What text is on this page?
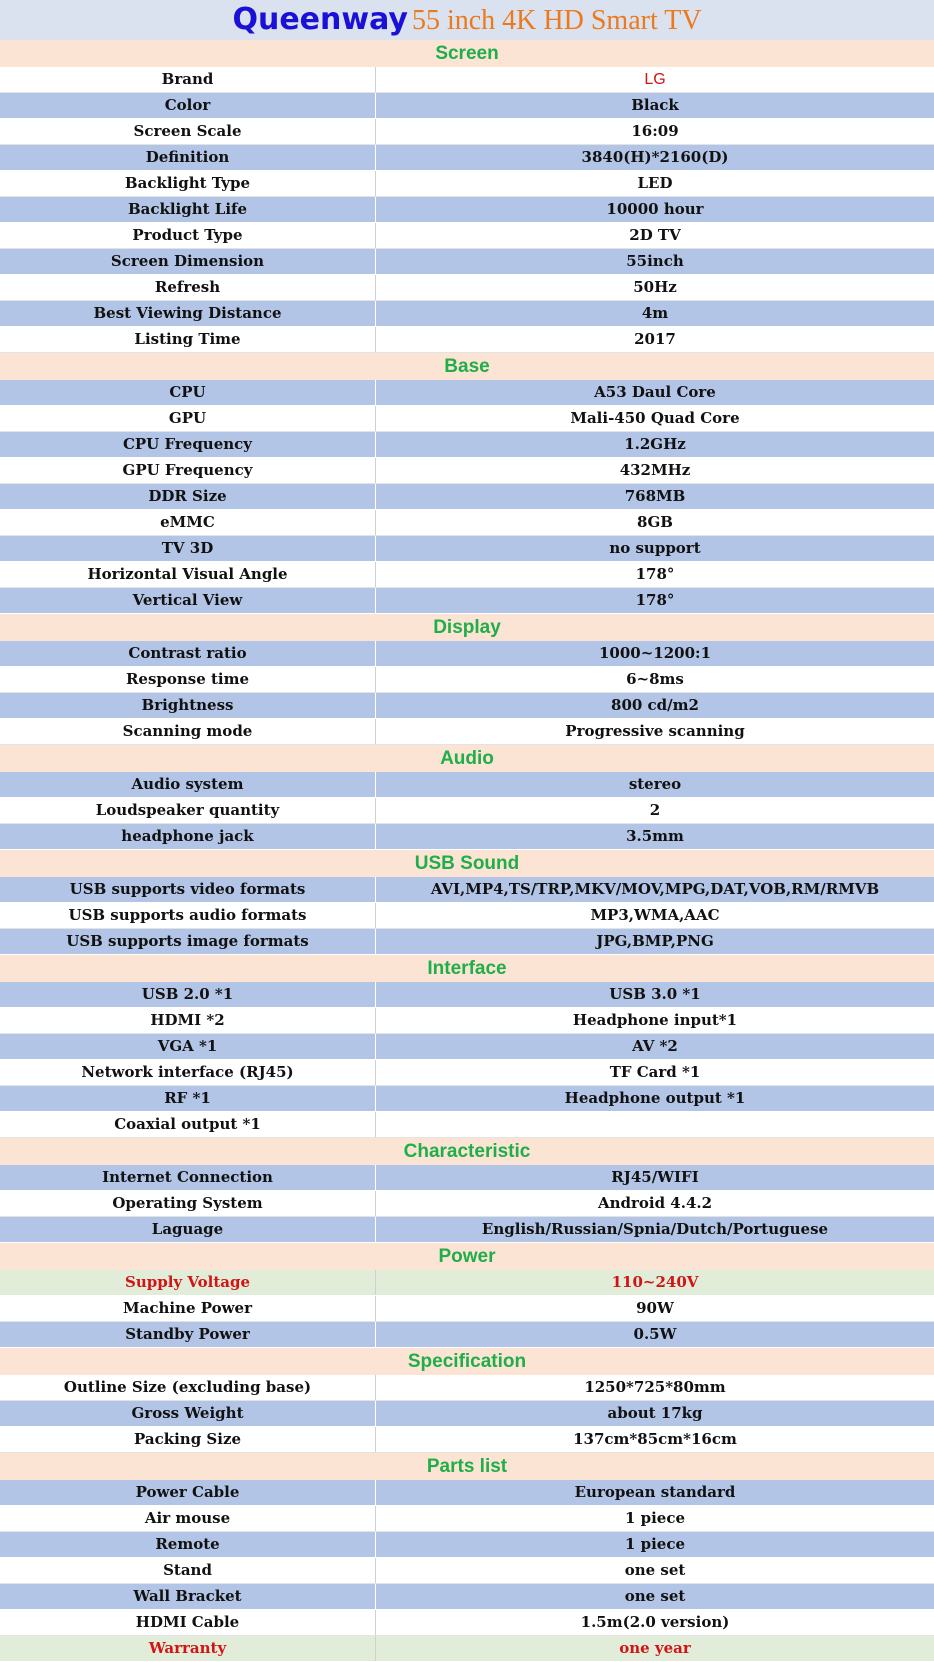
Queenway 55 inch 4K HD Smart TV
Screen
Brand	LG
Color	Black
Screen Scale	16:09
Definition	3840(H)*2160(D)
Backlight Type	LED
Backlight Life	10000 hour
Product Type	2D TV
Screen Dimension	55inch
Refresh	50Hz
Best Viewing Distance	4m
Listing Time	2017
Base
CPU	A53 Daul Core
GPU	Mali-450 Quad Core
CPU Frequency	1.2GHz
GPU Frequency	432MHz
DDR Size	768MB
eMMC	8GB
TV 3D	no support
Horizontal Visual Angle	178°
Vertical View	178°
Display
Contrast ratio	1000~1200:1
Response time	6~8ms
Brightness	800 cd/m2
Scanning mode	Progressive scanning
Audio
Audio system	stereo
Loudspeaker quantity	2
headphone jack	3.5mm
USB Sound
USB supports video formats	AVI,MP4,TS/TRP,MKV/MOV,MPG,DAT,VOB,RM/RMVB
USB supports audio formats	MP3,WMA,AAC
USB supports image formats	JPG,BMP,PNG
Interface
USB 2.0 *1	USB 3.0 *1
HDMI *2	Headphone input*1
VGA *1	AV *2
Network interface (RJ45)	TF Card *1
RF *1	Headphone output *1
Coaxial output *1
Characteristic
Internet Connection	RJ45/WIFI
Operating System	Android 4.4.2
Laguage	English/Russian/Spnia/Dutch/Portuguese
Power
Supply Voltage	110~240V
Machine Power	90W
Standby Power	0.5W
Specification
Outline Size (excluding base)	1250*725*80mm
Gross Weight	about 17kg
Packing Size	137cm*85cm*16cm
Parts list
Power Cable	European standard
Air mouse	1 piece
Remote	1 piece
Stand	one set
Wall Bracket	one set
HDMI Cable	1.5m(2.0 version)
Warranty	one year
